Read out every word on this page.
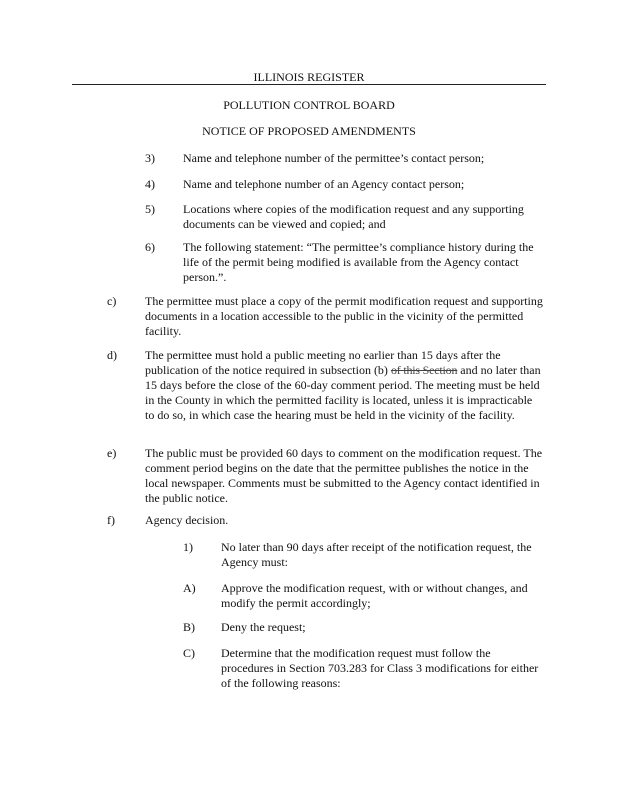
ILLINOIS REGISTER
POLLUTION CONTROL BOARD
NOTICE OF PROPOSED AMENDMENTS
3) Name and telephone number of the permittee’s contact person;
4) Name and telephone number of an Agency contact person;
5) Locations where copies of the modification request and any supporting documents can be viewed and copied; and
6) The following statement: “The permittee’s compliance history during the life of the permit being modified is available from the Agency contact person.”.
c) The permittee must place a copy of the permit modification request and supporting documents in a location accessible to the public in the vicinity of the permitted facility.
d) The permittee must hold a public meeting no earlier than 15 days after the publication of the notice required in subsection (b) of this Section and no later than 15 days before the close of the 60-day comment period. The meeting must be held in the County in which the permitted facility is located, unless it is impracticable to do so, in which case the hearing must be held in the vicinity of the facility.
e) The public must be provided 60 days to comment on the modification request. The comment period begins on the date that the permittee publishes the notice in the local newspaper. Comments must be submitted to the Agency contact identified in the public notice.
f)	Agency decision.
1) No later than 90 days after receipt of the notification request, the Agency must:
A) Approve the modification request, with or without changes, and modify the permit accordingly;
B) Deny the request;
C) Determine that the modification request must follow the procedures in Section 703.283 for Class 3 modifications for either of the following reasons:
